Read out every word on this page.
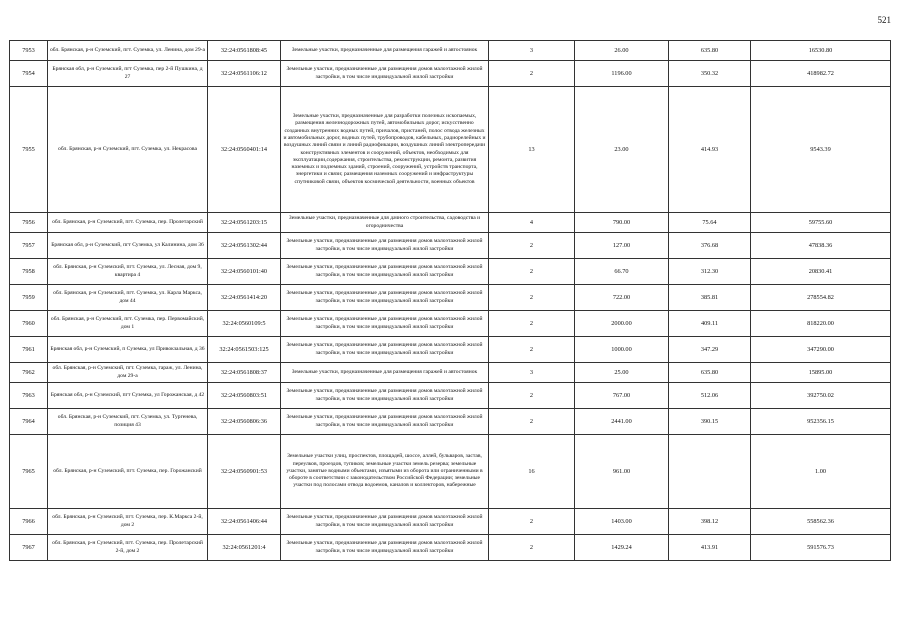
521
7953	обл. Брянская, р-н Суземский, пгт. Суземка, ул. Ленина, дом 29-а	32:24:0561808:45	Земельные участки, предназначенные для размещения гаражей и автостоянок	3	26.00	635.80	16530.80
7954	Брянская обл, р-н Суземский, пгт Суземка, пер 2-й Пушкина, д 27	32:24:0561106:12	Земельные участки, предназначенные для размещения домов малоэтажной жилой застройки, в том числе индивидуальной жилой застройки	2	1196.00	350.32	418982.72
7955	обл. Брянская, р-н Суземский, пгт. Суземка, ул. Некрасова	32:24:0560401:14	Земельные участки, предназначенные для разработки полезных ископаемых, размещения железнодорожных путей, автомобильных дорог, искусственно созданных внутренних водных путей, причалов, пристаней, полос отвода железных и автомобильных дорог, водных путей, трубопроводов, кабельных, радиорелейных и воздушных линий связи и линий радиофикации, воздушных линий электропередачи конструктивных элементов и сооружений, объектов, необходимых для эксплуатации,содержания, строительства, реконструкции, ремонта, развития наземных и подземных зданий, строений, сооружений, устройств транспорта, энергетики и связи; размещения наземных сооружений и инфраструктуры спутниковой связи, объектов космической деятельности, военных объектов	13	23.00	414.93	9543.39
7956	обл. Брянская, р-н Суземский, пгт. Суземка, пер. Пролетарский	32:24:0561203:15	Земельные участки, предназначенные для дачного строительства, садоводства и огородничества	4	790.00	75.64	59755.60
7957	Брянская обл, р-н Суземский, пгт Суземка, ул Калинина, дом 36	32:24:0561302:44	Земельные участки, предназначенные для размещения домов малоэтажной жилой застройки, в том числе индивидуальной жилой застройки	2	127.00	376.68	47838.36
7958	обл. Брянская, р-н Суземский, пгт. Суземка, ул. Лесная, дом 9, квартира 4	32:24:0560101:40	Земельные участки, предназначенные для размещения домов малоэтажной жилой застройки, в том числе индивидуальной жилой застройки	2	66.70	312.30	20830.41
7959	обл. Брянская, р-н Суземский, пгт. Суземка, ул. Карла Маркса, дом 44	32:24:0561414:20	Земельные участки, предназначенные для размещения домов малоэтажной жилой застройки, в том числе индивидуальной жилой застройки	2	722.00	385.81	278554.82
7960	обл. Брянская, р-н Суземский, пгт. Суземка, пер. Первомайский, дом 1	32:24:0560109:5	Земельные участки, предназначенные для размещения домов малоэтажной жилой застройки, в том числе индивидуальной жилой застройки	2	2000.00	409.11	818220.00
7961	Брянская обл, р-н Суземский, п Суземка, ул Привокзальная, д 36	32:24:0561503:125	Земельные участки, предназначенные для размещения домов малоэтажной жилой застройки, в том числе индивидуальной жилой застройки	2	1000.00	347.29	347290.00
7962	обл. Брянская, р-н Суземский, пгт. Суземка, гараж, ул. Ленина, дом 29-а	32:24:0561808:37	Земельные участки, предназначенные для размещения гаражей и автостоянок	3	25.00	635.80	15895.00
7963	Брянская обл, р-н Суземский, пгт Суземка, ул Горожанская, д 42	32:24:0560803:51	Земельные участки, предназначенные для размещения домов малоэтажной жилой застройки, в том числе индивидуальной жилой застройки	2	767.00	512.06	392750.02
7964	обл. Брянская, р-н Суземский, пгт. Суземка, ул. Тургенева, позиция 43	32:24:0560806:36	Земельные участки, предназначенные для размещения домов малоэтажной жилой застройки, в том числе индивидуальной жилой застройки	2	2441.00	390.15	952356.15
7965	обл. Брянская, р-н Суземский, пгт. Суземка, пер. Горожанский	32:24:0560901:53	Земельные участки улиц, проспектов, площадей, шоссе, аллей, бульваров, застав, переулков, проездов, тупиков; земельные участки земель резерва; земельные участки, занятые водными объектами, изъятыми из оборота или ограниченными в обороте в соответствии с законодательством Российской Федерации; земельные участки под полосами отвода водоемов, каналов и коллекторов, набережные	16	961.00		1.00
7966	обл. Брянская, р-н Суземский, пгт. Суземка, пер. К.Маркса 2-й, дом 2	32:24:0561406:44	Земельные участки, предназначенные для размещения домов малоэтажной жилой застройки, в том числе индивидуальной жилой застройки	2	1403.00	398.12	558562.36
7967	обл. Брянская, р-н Суземский, пгт. Суземка, пер. Пролетарский 2-й, дом 2	32:24:0561201:4	Земельные участки, предназначенные для размещения домов малоэтажной жилой застройки, в том числе индивидуальной жилой застройки	2	1429.24	413.91	591576.73
